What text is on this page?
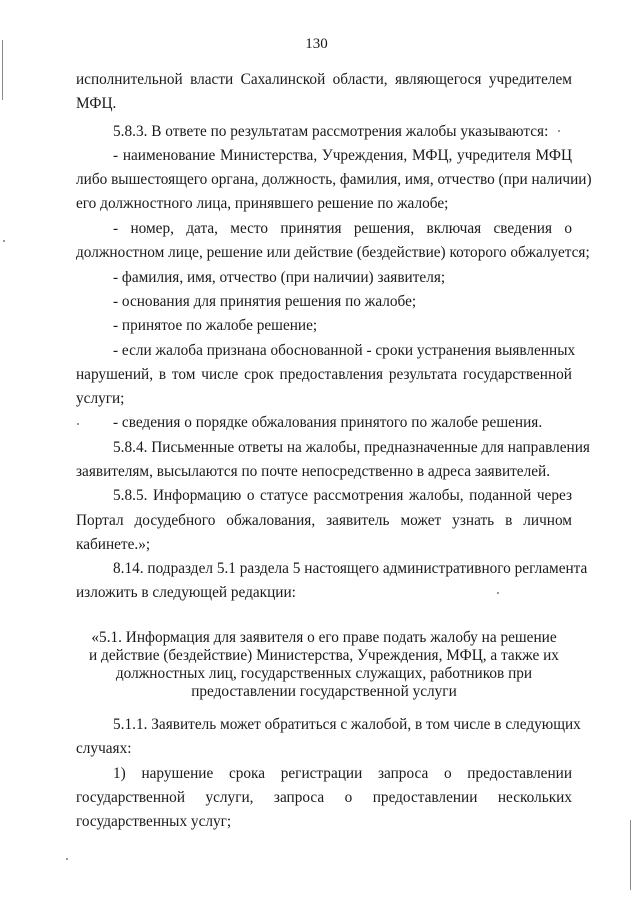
130
исполнительной власти Сахалинской области, являющегося учредителем
МФЦ.
5.8.3. В ответе по результатам рассмотрения жалобы указываются:
- наименование Министерства, Учреждения, МФЦ, учредителя МФЦ
либо вышестоящего органа, должность, фамилия, имя, отчество (при наличии)
его должностного лица, принявшего решение по жалобе;
- номер, дата, место принятия решения, включая сведения о
должностном лице, решение или действие (бездействие) которого обжалуется;
- фамилия, имя, отчество (при наличии) заявителя;
- основания для принятия решения по жалобе;
- принятое по жалобе решение;
- если жалоба признана обоснованной - сроки устранения выявленных
нарушений, в том числе срок предоставления результата государственной
услуги;
- сведения о порядке обжалования принятого по жалобе решения.
5.8.4. Письменные ответы на жалобы, предназначенные для направления
заявителям, высылаются по почте непосредственно в адреса заявителей.
5.8.5. Информацию о статусе рассмотрения жалобы, поданной через
Портал досудебного обжалования, заявитель может узнать в личном
кабинете.»;
8.14. подраздел 5.1 раздела 5 настоящего административного регламента
изложить в следующей редакции:
«5.1. Информация для заявителя о его праве подать жалобу на решение
и действие (бездействие) Министерства, Учреждения, МФЦ, а также их
должностных лиц, государственных служащих, работников при
предоставлении государственной услуги
5.1.1. Заявитель может обратиться с жалобой, в том числе в следующих
случаях:
1) нарушение срока регистрации запроса о предоставлении
государственной услуги, запроса о предоставлении нескольких
государственных услуг;
